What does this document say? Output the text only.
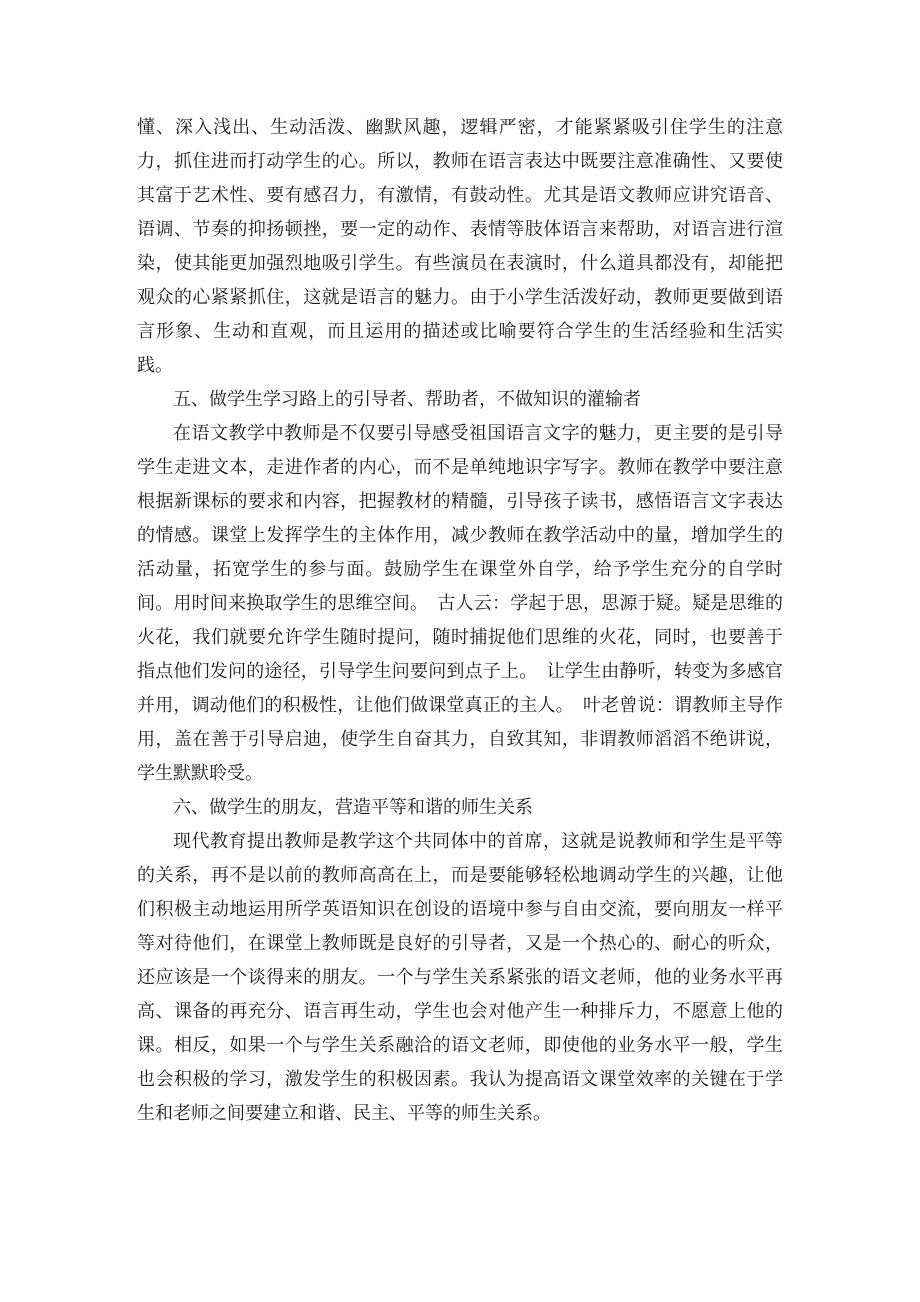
懂、深入浅出、生动活泼、幽默风趣，逻辑严密，才能紧紧吸引住学生的注意力，抓住进而打动学生的心。所以，教师在语言表达中既要注意准确性、又要使其富于艺术性、要有感召力，有激情，有鼓动性。尤其是语文教师应讲究语音、语调、节奏的抑扬顿挫，要一定的动作、表情等肢体语言来帮助，对语言进行渲染，使其能更加强烈地吸引学生。有些演员在表演时，什么道具都没有，却能把观众的心紧紧抓住，这就是语言的魅力。由于小学生活泼好动，教师更要做到语言形象、生动和直观，而且运用的描述或比喻要符合学生的生活经验和生活实践。

五、做学生学习路上的引导者、帮助者，不做知识的灌输者

在语文教学中教师是不仅要引导感受祖国语言文字的魅力，更主要的是引导学生走进文本，走进作者的内心，而不是单纯地识字写字。教师在教学中要注意根据新课标的要求和内容，把握教材的精髓，引导孩子读书，感悟语言文字表达的情感。课堂上发挥学生的主体作用，减少教师在教学活动中的量，增加学生的活动量，拓宽学生的参与面。鼓励学生在课堂外自学，给予学生充分的自学时间。用时间来换取学生的思维空间。　古人云：学起于思，思源于疑。疑是思维的火花，我们就要允许学生随时提问，随时捕捉他们思维的火花，同时，也要善于指点他们发问的途径，引导学生问要问到点子上。　让学生由静听，转变为多感官并用，调动他们的积极性，让他们做课堂真正的主人。　叶老曾说：谓教师主导作用，盖在善于引导启迪，使学生自奋其力，自致其知，非谓教师滔滔不绝讲说，学生默默聆受。

六、做学生的朋友，营造平等和谐的师生关系

现代教育提出教师是教学这个共同体中的首席，这就是说教师和学生是平等的关系，再不是以前的教师高高在上，而是要能够轻松地调动学生的兴趣，让他们积极主动地运用所学英语知识在创设的语境中参与自由交流，要向朋友一样平等对待他们，在课堂上教师既是良好的引导者，又是一个热心的、耐心的听众，还应该是一个谈得来的朋友。一个与学生关系紧张的语文老师，他的业务水平再高、课备的再充分、语言再生动，学生也会对他产生一种排斥力，不愿意上他的课。相反，如果一个与学生关系融洽的语文老师，即使他的业务水平一般，学生也会积极的学习，激发学生的积极因素。我认为提高语文课堂效率的关键在于学生和老师之间要建立和谐、民主、平等的师生关系。
